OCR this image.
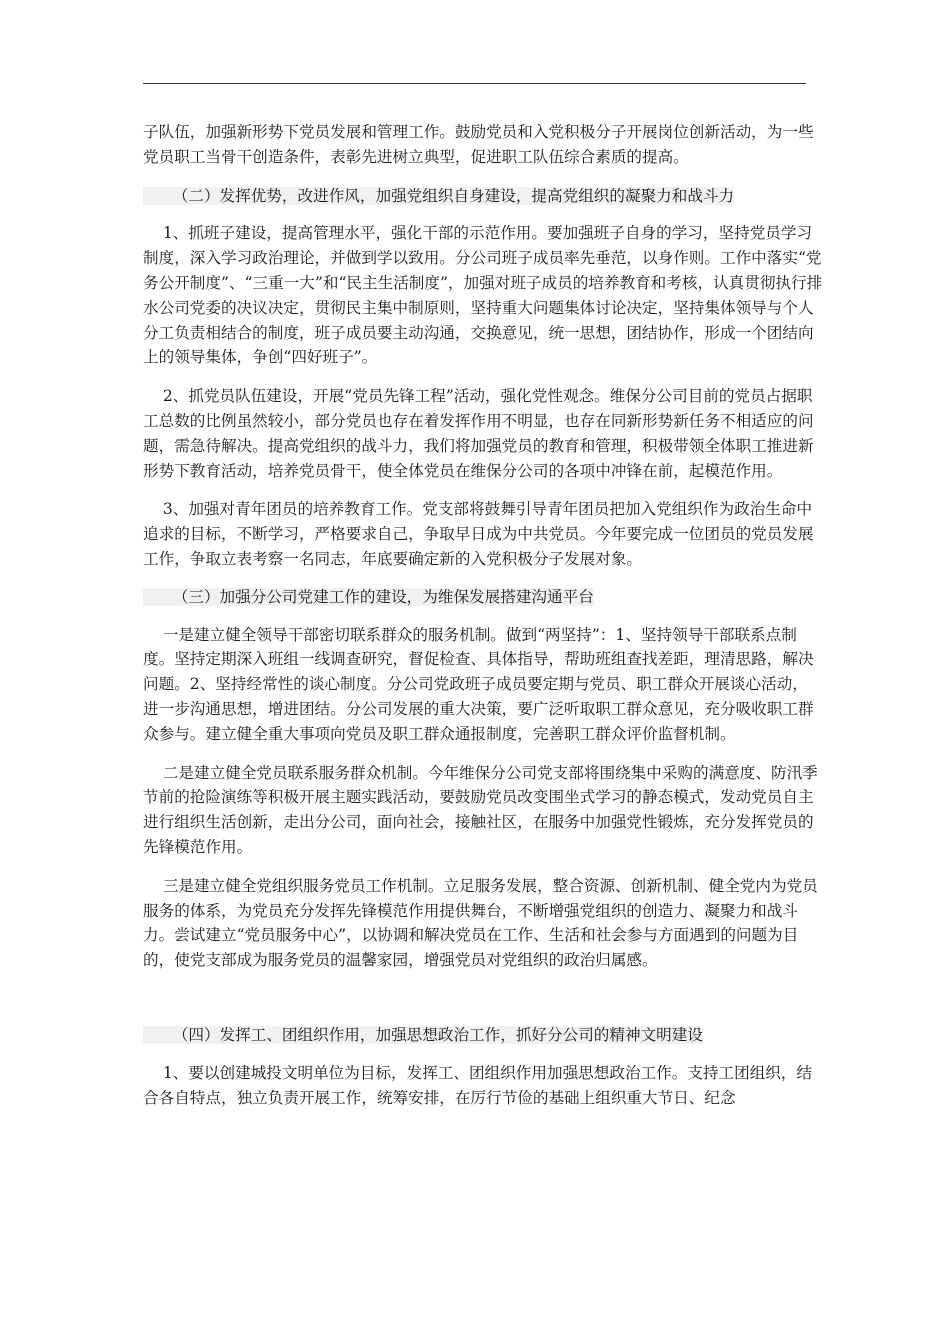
子队伍，加强新形势下党员发展和管理工作。鼓励党员和入党积极分子开展岗位创新活动，为一些党员职工当骨干创造条件，表彰先进树立典型，促进职工队伍综合素质的提高。

（二）发挥优势，改进作风，加强党组织自身建设，提高党组织的凝聚力和战斗力

1、抓班子建设，提高管理水平，强化干部的示范作用。要加强班子自身的学习，坚持党员学习制度，深入学习政治理论，并做到学以致用。分公司班子成员率先垂范，以身作则。工作中落实“党务公开制度”、“三重一大”和“民主生活制度”，加强对班子成员的培养教育和考核，认真贯彻执行排水公司党委的决议决定，贯彻民主集中制原则，坚持重大问题集体讨论决定，坚持集体领导与个人分工负责相结合的制度，班子成员要主动沟通，交换意见，统一思想，团结协作，形成一个团结向上的领导集体，争创“四好班子”。

2、抓党员队伍建设，开展“党员先锋工程”活动，强化党性观念。维保分公司目前的党员占据职工总数的比例虽然较小，部分党员也存在着发挥作用不明显，也存在同新形势新任务不相适应的问题，需急待解决。提高党组织的战斗力，我们将加强党员的教育和管理，积极带领全体职工推进新形势下教育活动，培养党员骨干，使全体党员在维保分公司的各项中冲锋在前，起模范作用。

3、加强对青年团员的培养教育工作。党支部将鼓舞引导青年团员把加入党组织作为政治生命中追求的目标，不断学习，严格要求自己，争取早日成为中共党员。今年要完成一位团员的党员发展工作，争取立表考察一名同志，年底要确定新的入党积极分子发展对象。

（三）加强分公司党建工作的建设，为维保发展搭建沟通平台

一是建立健全领导干部密切联系群众的服务机制。做到“两坚持”：1、坚持领导干部联系点制度。坚持定期深入班组一线调查研究，督促检查、具体指导，帮助班组查找差距，理清思路，解决问题。2、坚持经常性的谈心制度。分公司党政班子成员要定期与党员、职工群众开展谈心活动，进一步沟通思想，增进团结。分公司发展的重大决策，要广泛听取职工群众意见，充分吸收职工群众参与。建立健全重大事项向党员及职工群众通报制度，完善职工群众评价监督机制。

二是建立健全党员联系服务群众机制。今年维保分公司党支部将围绕集中采购的满意度、防汛季节前的抢险演练等积极开展主题实践活动，要鼓励党员改变围坐式学习的静态模式，发动党员自主进行组织生活创新，走出分公司，面向社会，接触社区，在服务中加强党性锻炼，充分发挥党员的先锋模范作用。

三是建立健全党组织服务党员工作机制。立足服务发展，整合资源、创新机制、健全党内为党员服务的体系，为党员充分发挥先锋模范作用提供舞台，不断增强党组织的创造力、凝聚力和战斗力。尝试建立“党员服务中心”，以协调和解决党员在工作、生活和社会参与方面遇到的问题为目的，使党支部成为服务党员的温馨家园，增强党员对党组织的政治归属感。

（四）发挥工、团组织作用，加强思想政治工作，抓好分公司的精神文明建设

1、要以创建城投文明单位为目标，发挥工、团组织作用加强思想政治工作。支持工团组织，结合各自特点，独立负责开展工作，统筹安排，在厉行节俭的基础上组织重大节日、纪念
